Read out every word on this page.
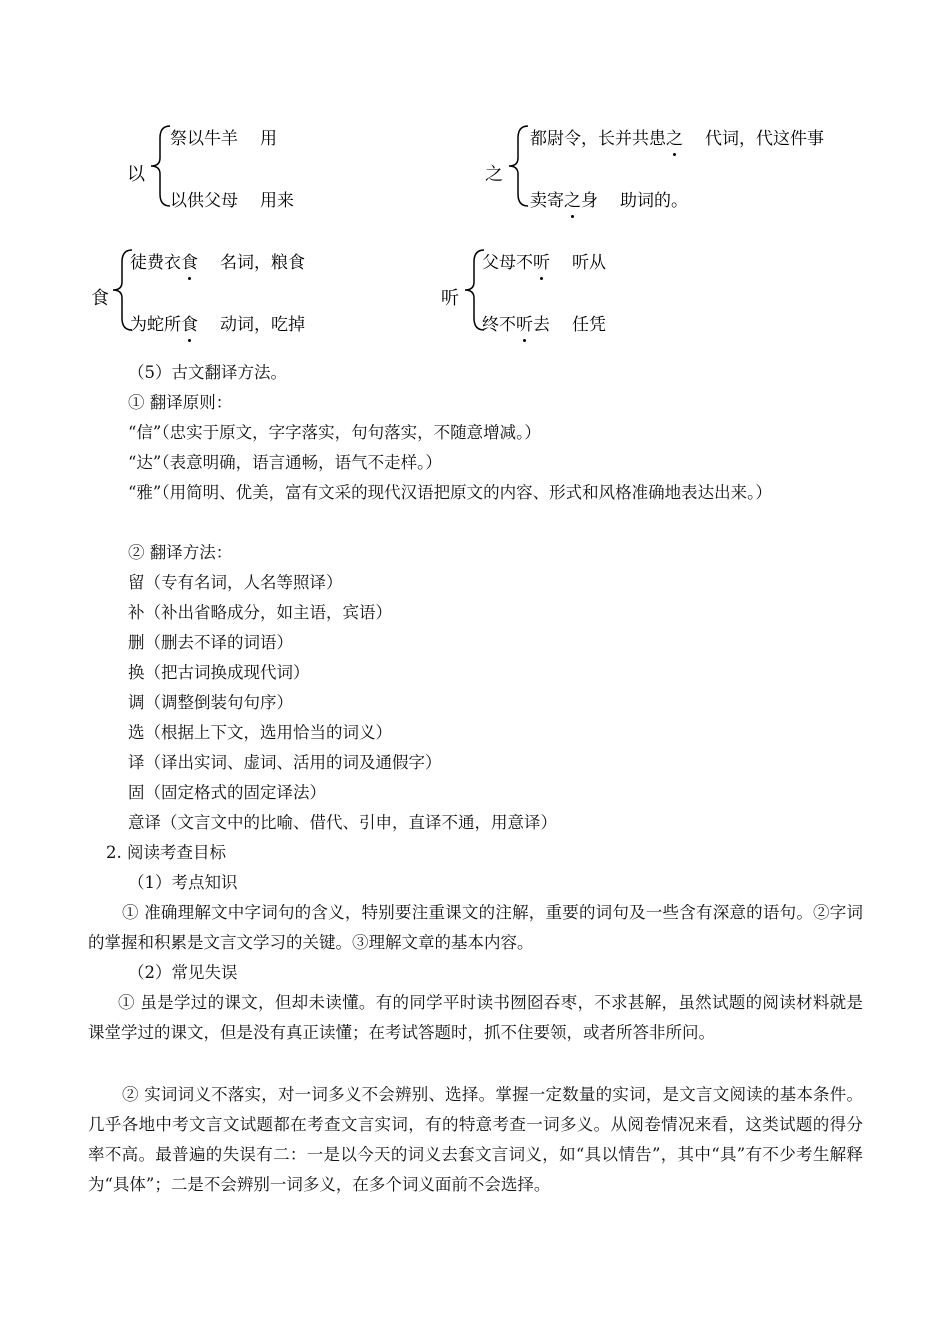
以
祭以牛羊 用
以供父母 用来
之
都尉令，长并共患之 代词，代这件事
卖寄之身 助词的。
食
徒费衣食 名词，粮食
为蛇所食 动词，吃掉
听
父母不听 听从
终不听去 任凭
（5）古文翻译方法。
① 翻译原则：
“信”（忠实于原文，字字落实，句句落实，不随意增减。）
“达”（表意明确，语言通畅，语气不走样。）
“雅”（用简明、优美，富有文采的现代汉语把原文的内容、形式和风格准确地表达出来。）
② 翻译方法：
留（专有名词，人名等照译）
补（补出省略成分，如主语，宾语）
删（删去不译的词语）
换（把古词换成现代词）
调（调整倒装句句序）
选（根据上下文，选用恰当的词义）
译（译出实词、虚词、活用的词及通假字）
固（固定格式的固定译法）
意译（文言文中的比喻、借代、引申，直译不通，用意译）
2. 阅读考查目标
（1）考点知识
① 准确理解文中字词句的含义，特别要注重课文的注解，重要的词句及一些含有深意的语句。②字词的掌握和积累是文言文学习的关键。③理解文章的基本内容。
（2）常见失误
① 虽是学过的课文，但却未读懂。有的同学平时读书囫囵吞枣，不求甚解，虽然试题的阅读材料就是课堂学过的课文，但是没有真正读懂；在考试答题时，抓不住要领，或者所答非所问。
② 实词词义不落实，对一词多义不会辨别、选择。掌握一定数量的实词，是文言文阅读的基本条件。几乎各地中考文言文试题都在考查文言实词，有的特意考查一词多义。从阅卷情况来看，这类试题的得分率不高。最普遍的失误有二：一是以今天的词义去套文言词义，如“具以情告”，其中“具”有不少考生解释为“具体”；二是不会辨别一词多义，在多个词义面前不会选择。
